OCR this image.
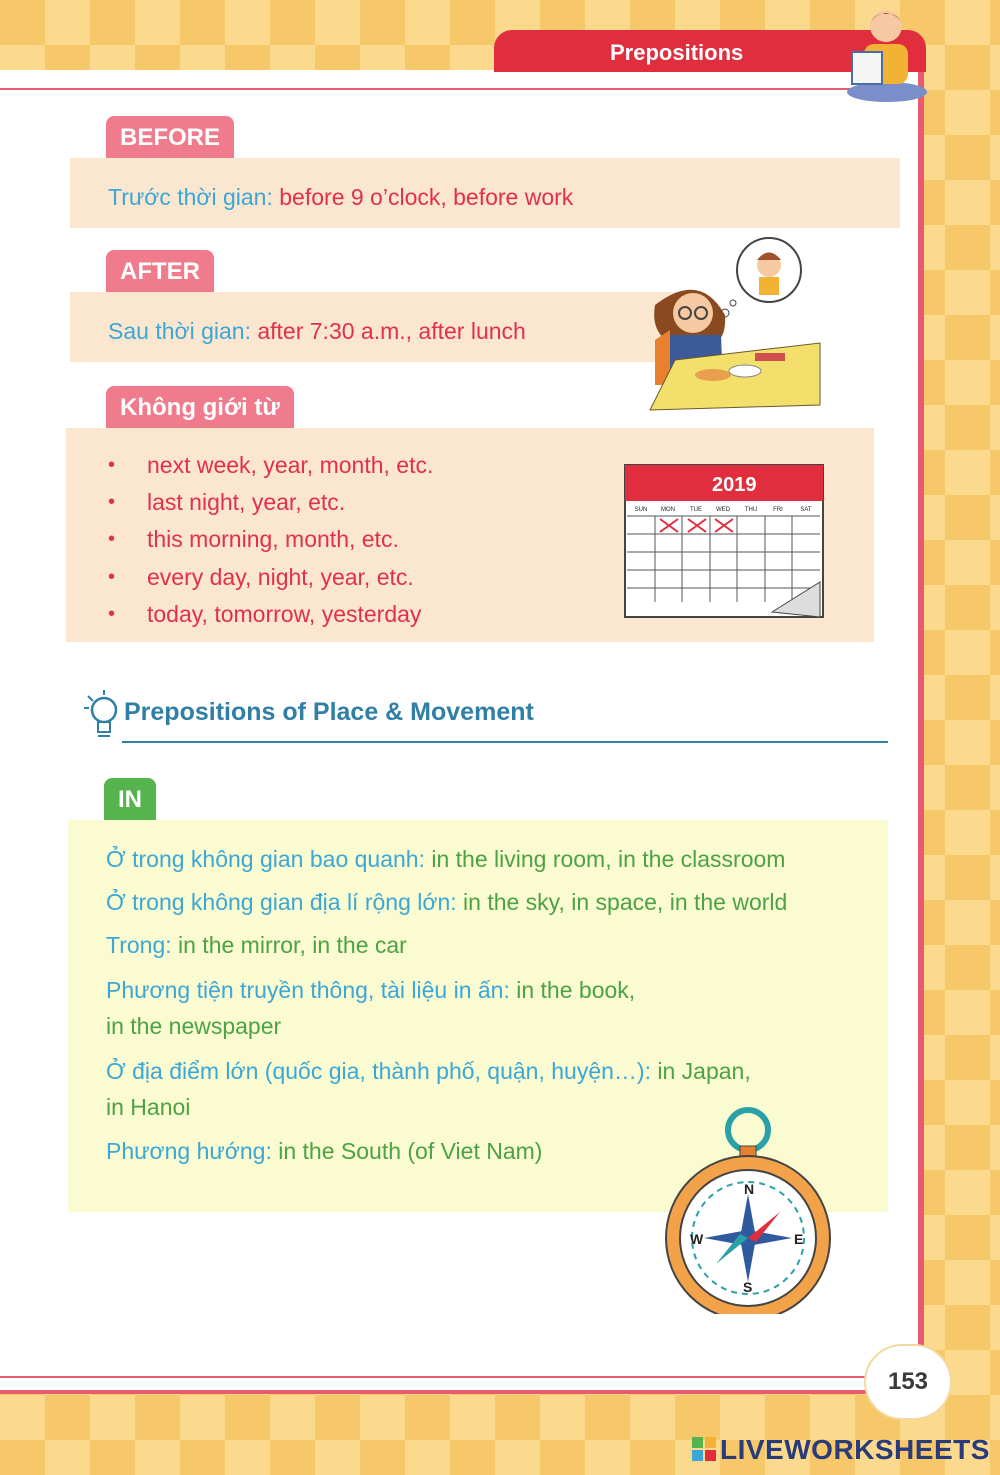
Prepositions
BEFORE
Trước thời gian: before 9 o’clock, before work
AFTER
Sau thời gian: after 7:30 a.m., after lunch
Không giới từ
• next week, year, month, etc.
• last night, year, etc.
• this morning, month, etc.
• every day, night, year, etc.
• today, tomorrow, yesterday
2019
SUN MON	TUE WED THU	FRI	SAT
Prepositions of Place & Movement
IN
Ở trong không gian bao quanh: in the living room, in the classroom
Ở trong không gian địa lí rộng lớn: in the sky, in space, in the world
Trong: in the mirror, in the car
Phương tiện truyền thông, tài liệu in ấn: in the book,
in the newspaper
Ở địa điểm lớn (quốc gia, thành phố, quận, huyện…): in Japan,
in Hanoi
Phương hướng: in the South (of Viet Nam)
N
S
E
W
153
LIVEWORKSHEETS
